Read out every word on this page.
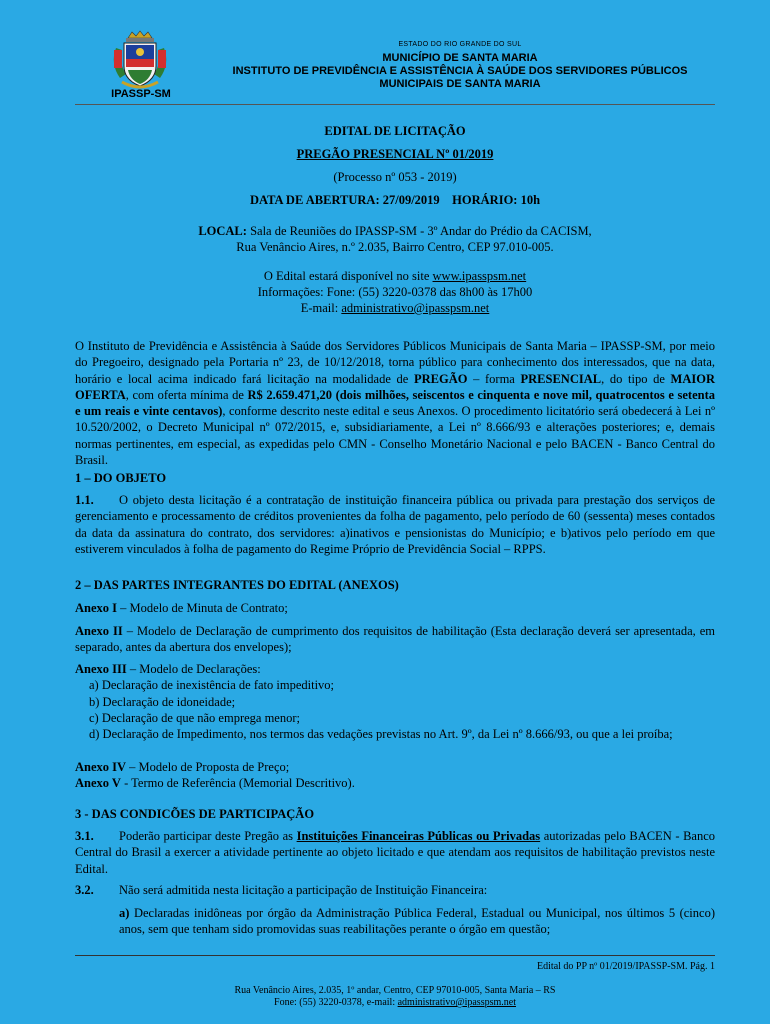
IPASSP-SM
ESTADO DO RIO GRANDE DO SUL
MUNICÍPIO DE SANTA MARIA
INSTITUTO DE PREVIDÊNCIA E ASSISTÊNCIA À SAÚDE DOS SERVIDORES PÚBLICOS
MUNICIPAIS DE SANTA MARIA
EDITAL DE LICITAÇÃO
PREGÃO PRESENCIAL Nº 01/2019
(Processo nº 053 - 2019)
DATA DE ABERTURA: 27/09/2019    HORÁRIO: 10h
LOCAL: Sala de Reuniões do IPASSP-SM - 3º Andar do Prédio da CACISM,
Rua Venâncio Aires, n.º 2.035, Bairro Centro, CEP 97.010-005.
O Edital estará disponível no site www.ipasspsm.net
Informações: Fone: (55) 3220-0378 das 8h00 às 17h00
E-mail: administrativo@ipasspsm.net

O Instituto de Previdência e Assistência à Saúde dos Servidores Públicos Municipais de Santa Maria – IPASSP-SM, por meio do Pregoeiro, designado pela Portaria nº 23, de 10/12/2018, torna público para conhecimento dos interessados, que na data, horário e local acima indicado fará licitação na modalidade de PREGÃO – forma PRESENCIAL, do tipo de MAIOR OFERTA, com oferta mínima de R$ 2.659.471,20 (dois milhões, seiscentos e cinquenta e nove mil, quatrocentos e setenta e um reais e vinte centavos), conforme descrito neste edital e seus Anexos. O procedimento licitatório será obedecerá à Lei nº 10.520/2002, o Decreto Municipal nº 072/2015, e, subsidiariamente, a Lei nº 8.666/93 e alterações posteriores; e, demais normas pertinentes, em especial, as expedidas pelo CMN - Conselho Monetário Nacional e pelo BACEN - Banco Central do Brasil.

1 – DO OBJETO

1.1. O objeto desta licitação é a contratação de instituição financeira pública ou privada para prestação dos serviços de gerenciamento e processamento de créditos provenientes da folha de pagamento, pelo período de 60 (sessenta) meses contados da data da assinatura do contrato, dos servidores: a)inativos e pensionistas do Município; e b)ativos pelo período em que estiverem vinculados à folha de pagamento do Regime Próprio de Previdência Social – RPPS.

2 – DAS PARTES INTEGRANTES DO EDITAL (ANEXOS)
Anexo I – Modelo de Minuta de Contrato;

Anexo II – Modelo de Declaração de cumprimento dos requisitos de habilitação (Esta declaração deverá ser apresentada, em separado, antes da abertura dos envelopes);

Anexo III – Modelo de Declarações:

a) Declaração de inexistência de fato impeditivo;

b) Declaração de idoneidade;

c) Declaração de que não emprega menor;

d) Declaração de Impedimento, nos termos das vedações previstas no Art. 9º, da Lei nº 8.666/93, ou que a lei proíba;

Anexo IV – Modelo de Proposta de Preço;
Anexo V - Termo de Referência (Memorial Descritivo).
3 - DAS CONDICÕES DE PARTICIPAÇÃO

3.1. Poderão participar deste Pregão as Instituições Financeiras Públicas ou Privadas autorizadas pelo BACEN - Banco Central do Brasil a exercer a atividade pertinente ao objeto licitado e que atendam aos requisitos de habilitação previstos neste Edital.

3.2. Não será admitida nesta licitação a participação de Instituição Financeira:

a) Declaradas inidôneas por órgão da Administração Pública Federal, Estadual ou Municipal, nos últimos 5 (cinco) anos, sem que tenham sido promovidas suas reabilitações perante o órgão em questão;

Edital do PP nº 01/2019/IPASSP-SM. Pág. 1
Rua Venâncio Aires, 2.035, 1º andar, Centro, CEP 97010-005, Santa Maria – RS
Fone: (55) 3220-0378, e-mail: administrativo@ipasspsm.net
